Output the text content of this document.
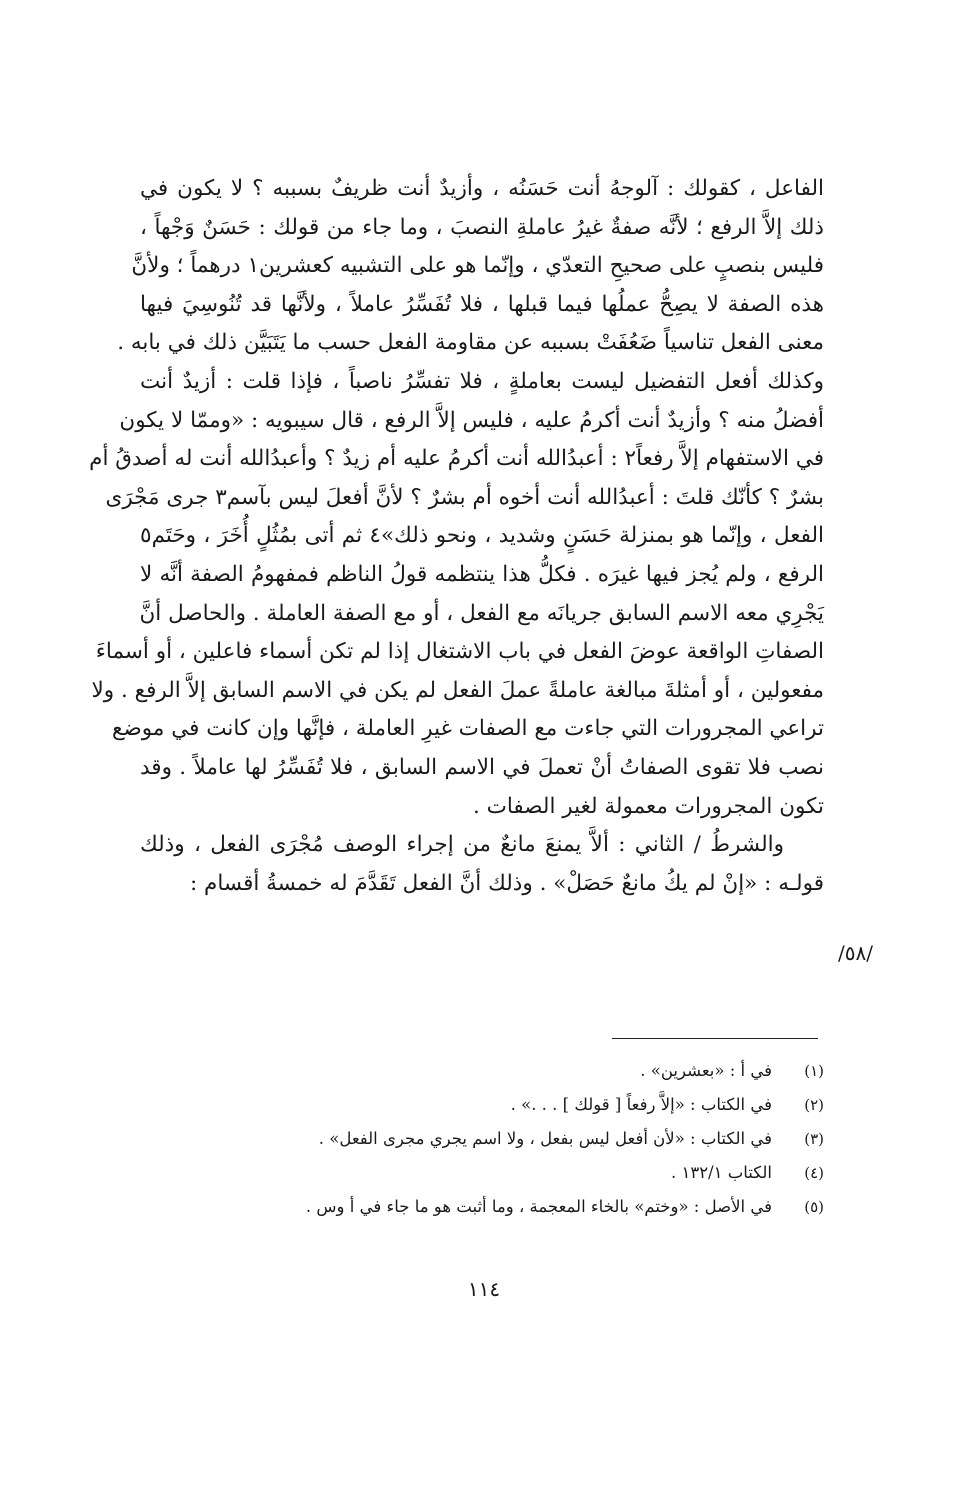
الفاعل ، كقولك : آلوجهُ أنت حَسَنُه ، وأزيدٌ أنت ظريفٌ بسببه ؟ لا يكون في
ذلك إلاَّ الرفع ؛ لأنَّه صفةٌ غيرُ عاملةِ النصبَ ، وما جاء من قولك : حَسَنٌ وَجْهاً ،
فليس بنصبٍ على صحيحِ التعدّي ، وإنّما هو على التشبيه كعشرين١ درهماً ؛ ولأنَّ
هذه الصفة لا يصِحُّ عملُها فيما قبلها ، فلا تُفَسِّرُ عاملاً ، ولأنَّها قد تُنُوسِيَ فيها
معنى الفعل تناسياً ضَعُفَتْ بسببه عن مقاومة الفعل حسب ما يَتَبَيَّن ذلك في بابه .
وكذلك أفعل التفضيل ليست بعاملةٍ ، فلا تفسِّرُ ناصباً ، فإذا قلت : أزيدٌ أنت
أفضلُ منه ؟ وأزيدٌ أنت أكرمُ عليه ، فليس إلاَّ الرفع ، قال سيبويه : «وممّا لا يكون
في الاستفهام إلاَّ رفعاً٢ : أعبدُالله أنت أكرمُ عليه أم زيدٌ ؟ وأعبدُالله أنت له أصدقُ أم
بشرٌ ؟ كأنّك قلتَ : أعبدُالله أنت أخوه أم بشرٌ ؟ لأنَّ أفعلَ ليس بآسم٣ جرى مَجْرَى
الفعل ، وإنّما هو بمنزلة حَسَنٍ وشديد ، ونحو ذلك»٤ ثم أتى بمُثُلٍ أُخَرَ ، وحَتَم٥
الرفع ، ولم يُجز فيها غيرَه . فكلُّ هذا ينتظمه قولُ الناظم فمفهومُ الصفة أنَّه لا
يَجْرِي معه الاسم السابق جريانَه مع الفعل ، أو مع الصفة العاملة . والحاصل أنَّ
الصفاتِ الواقعة عوضَ الفعل في باب الاشتغال إذا لم تكن أسماء فاعلين ، أو أسماءَ
مفعولين ، أو أمثلةَ مبالغة عاملةً عملَ الفعل لم يكن في الاسم السابق إلاَّ الرفع . ولا
تراعي المجرورات التي جاءت مع الصفات غيرِ العاملة ، فإنَّها وإن كانت في موضع
نصب فلا تقوى الصفاتُ أنْ تعملَ في الاسم السابق ، فلا تُفَسِّرُ لها عاملاً . وقد
تكون المجرورات معمولة لغير الصفات .
والشرطُ / الثاني : ألاَّ يمنعَ مانعٌ من إجراء الوصف مُجْرَى الفعل ، وذلك
قولـه : «إنْ لم يكُ مانعٌ حَصَلْ» . وذلك أنَّ الفعل تَقَدَّمَ له خمسةُ أقسام :
/٥٨/
(١)
في أ : «بعشرين» .
(٢)
في الكتاب : «إلاَّ رفعاً [ قولك ] . . .» .
(٣)
في الكتاب : «لأن أفعل ليس بفعل ، ولا اسم يجري مجرى الفعل» .
(٤)
الكتاب ١٣٢/١ .
(٥)
في الأصل : «وختم» بالخاء المعجمة ، وما أثبت هو ما جاء في أ وس .
١١٤
